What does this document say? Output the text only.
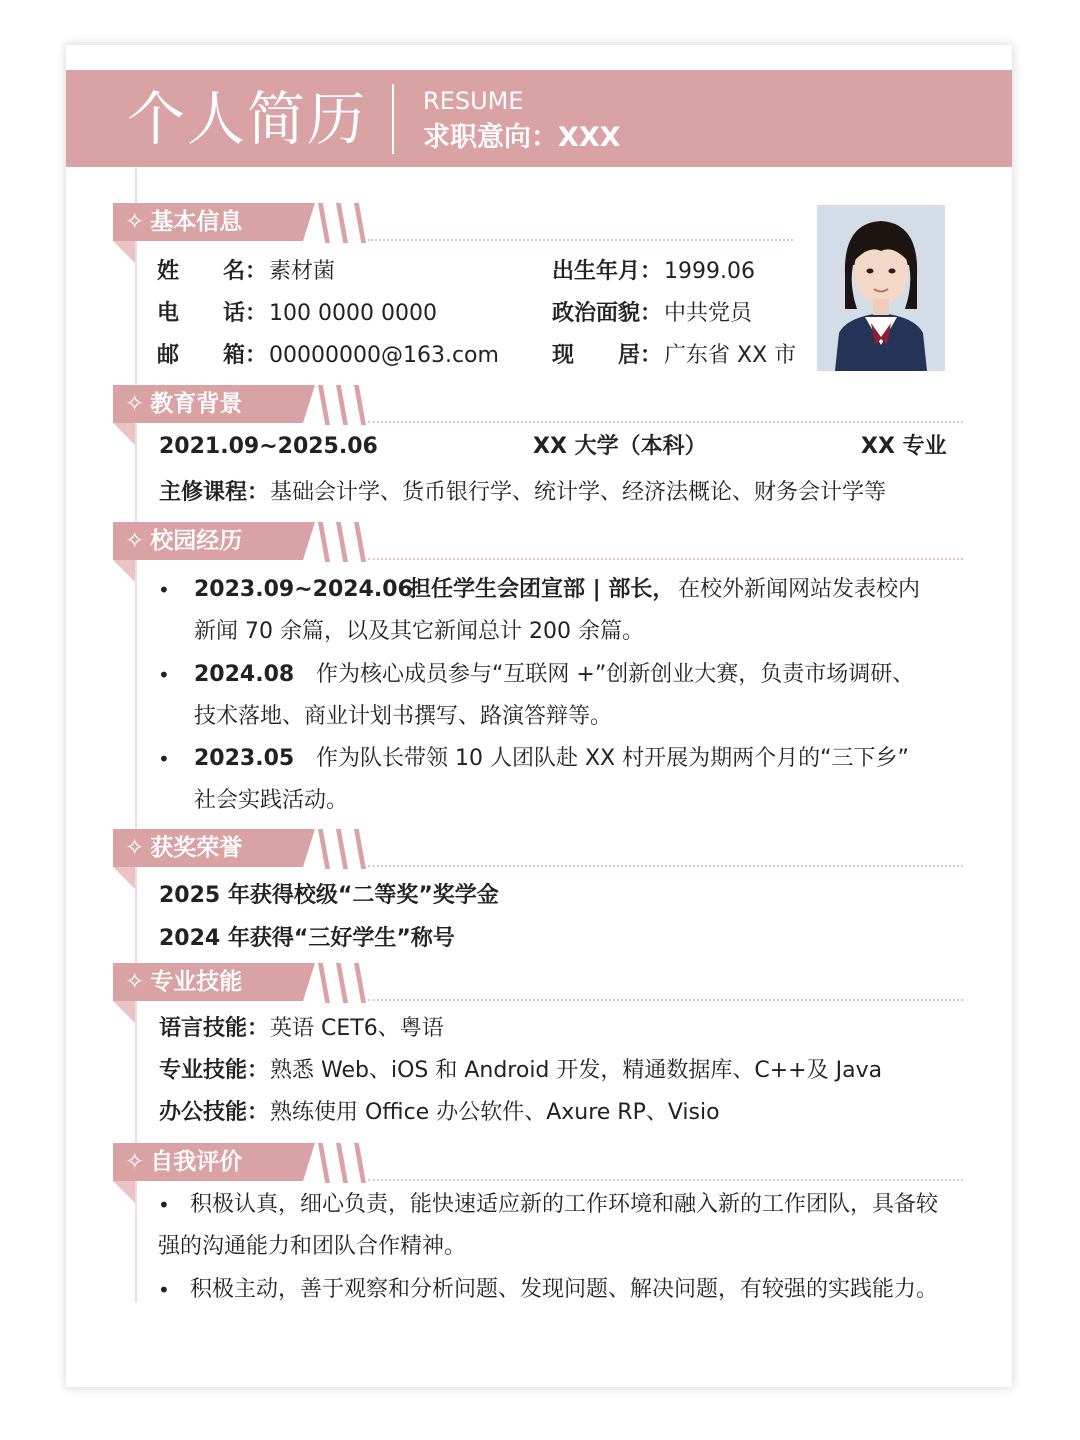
个人简历 RESUME
求职意向：XXX
✧ 基本信息
姓 名： 素材菌
电 话： 100 0000 0000
邮 箱： 00000000@163.com
出生年月： 1999.06
政治面貌： 中共党员
现 居： 广东省 XX 市
✧ 教育背景
2021.09~2025.06	XX 大学（本科）	XX 专业
主修课程： 基础会计学、货币银行学、统计学、经济法概论、财务会计学等
✧ 校园经历
• 2023.09~2024.06
担任学生会团宣部 | 部长， 在校外新闻网站发表校内
新闻 70 余篇，以及其它新闻总计 200 余篇。
• 2024.08 作为核心成员参与“互联网 +”创新创业大赛，负责市场调研、
技术落地、商业计划书撰写、路演答辩等。
• 2023.05 作为队长带领 10 人团队赴 XX 村开展为期两个月的“三下乡”
社会实践活动。
✧ 获奖荣誉
2025 年获得校级“二等奖”奖学金
2024 年获得“三好学生”称号
✧ 专业技能
语言技能： 英语 CET6、粤语
专业技能： 熟悉 Web、iOS 和 Android 开发，精通数据库、C++及 Java
办公技能： 熟练使用 Office 办公软件、Axure RP、Visio
✧ 自我评价
• 积极认真，细心负责，能快速适应新的工作环境和融入新的工作团队，具备较
强的沟通能力和团队合作精神。
• 积极主动，善于观察和分析问题、发现问题、解决问题，有较强的实践能力。
